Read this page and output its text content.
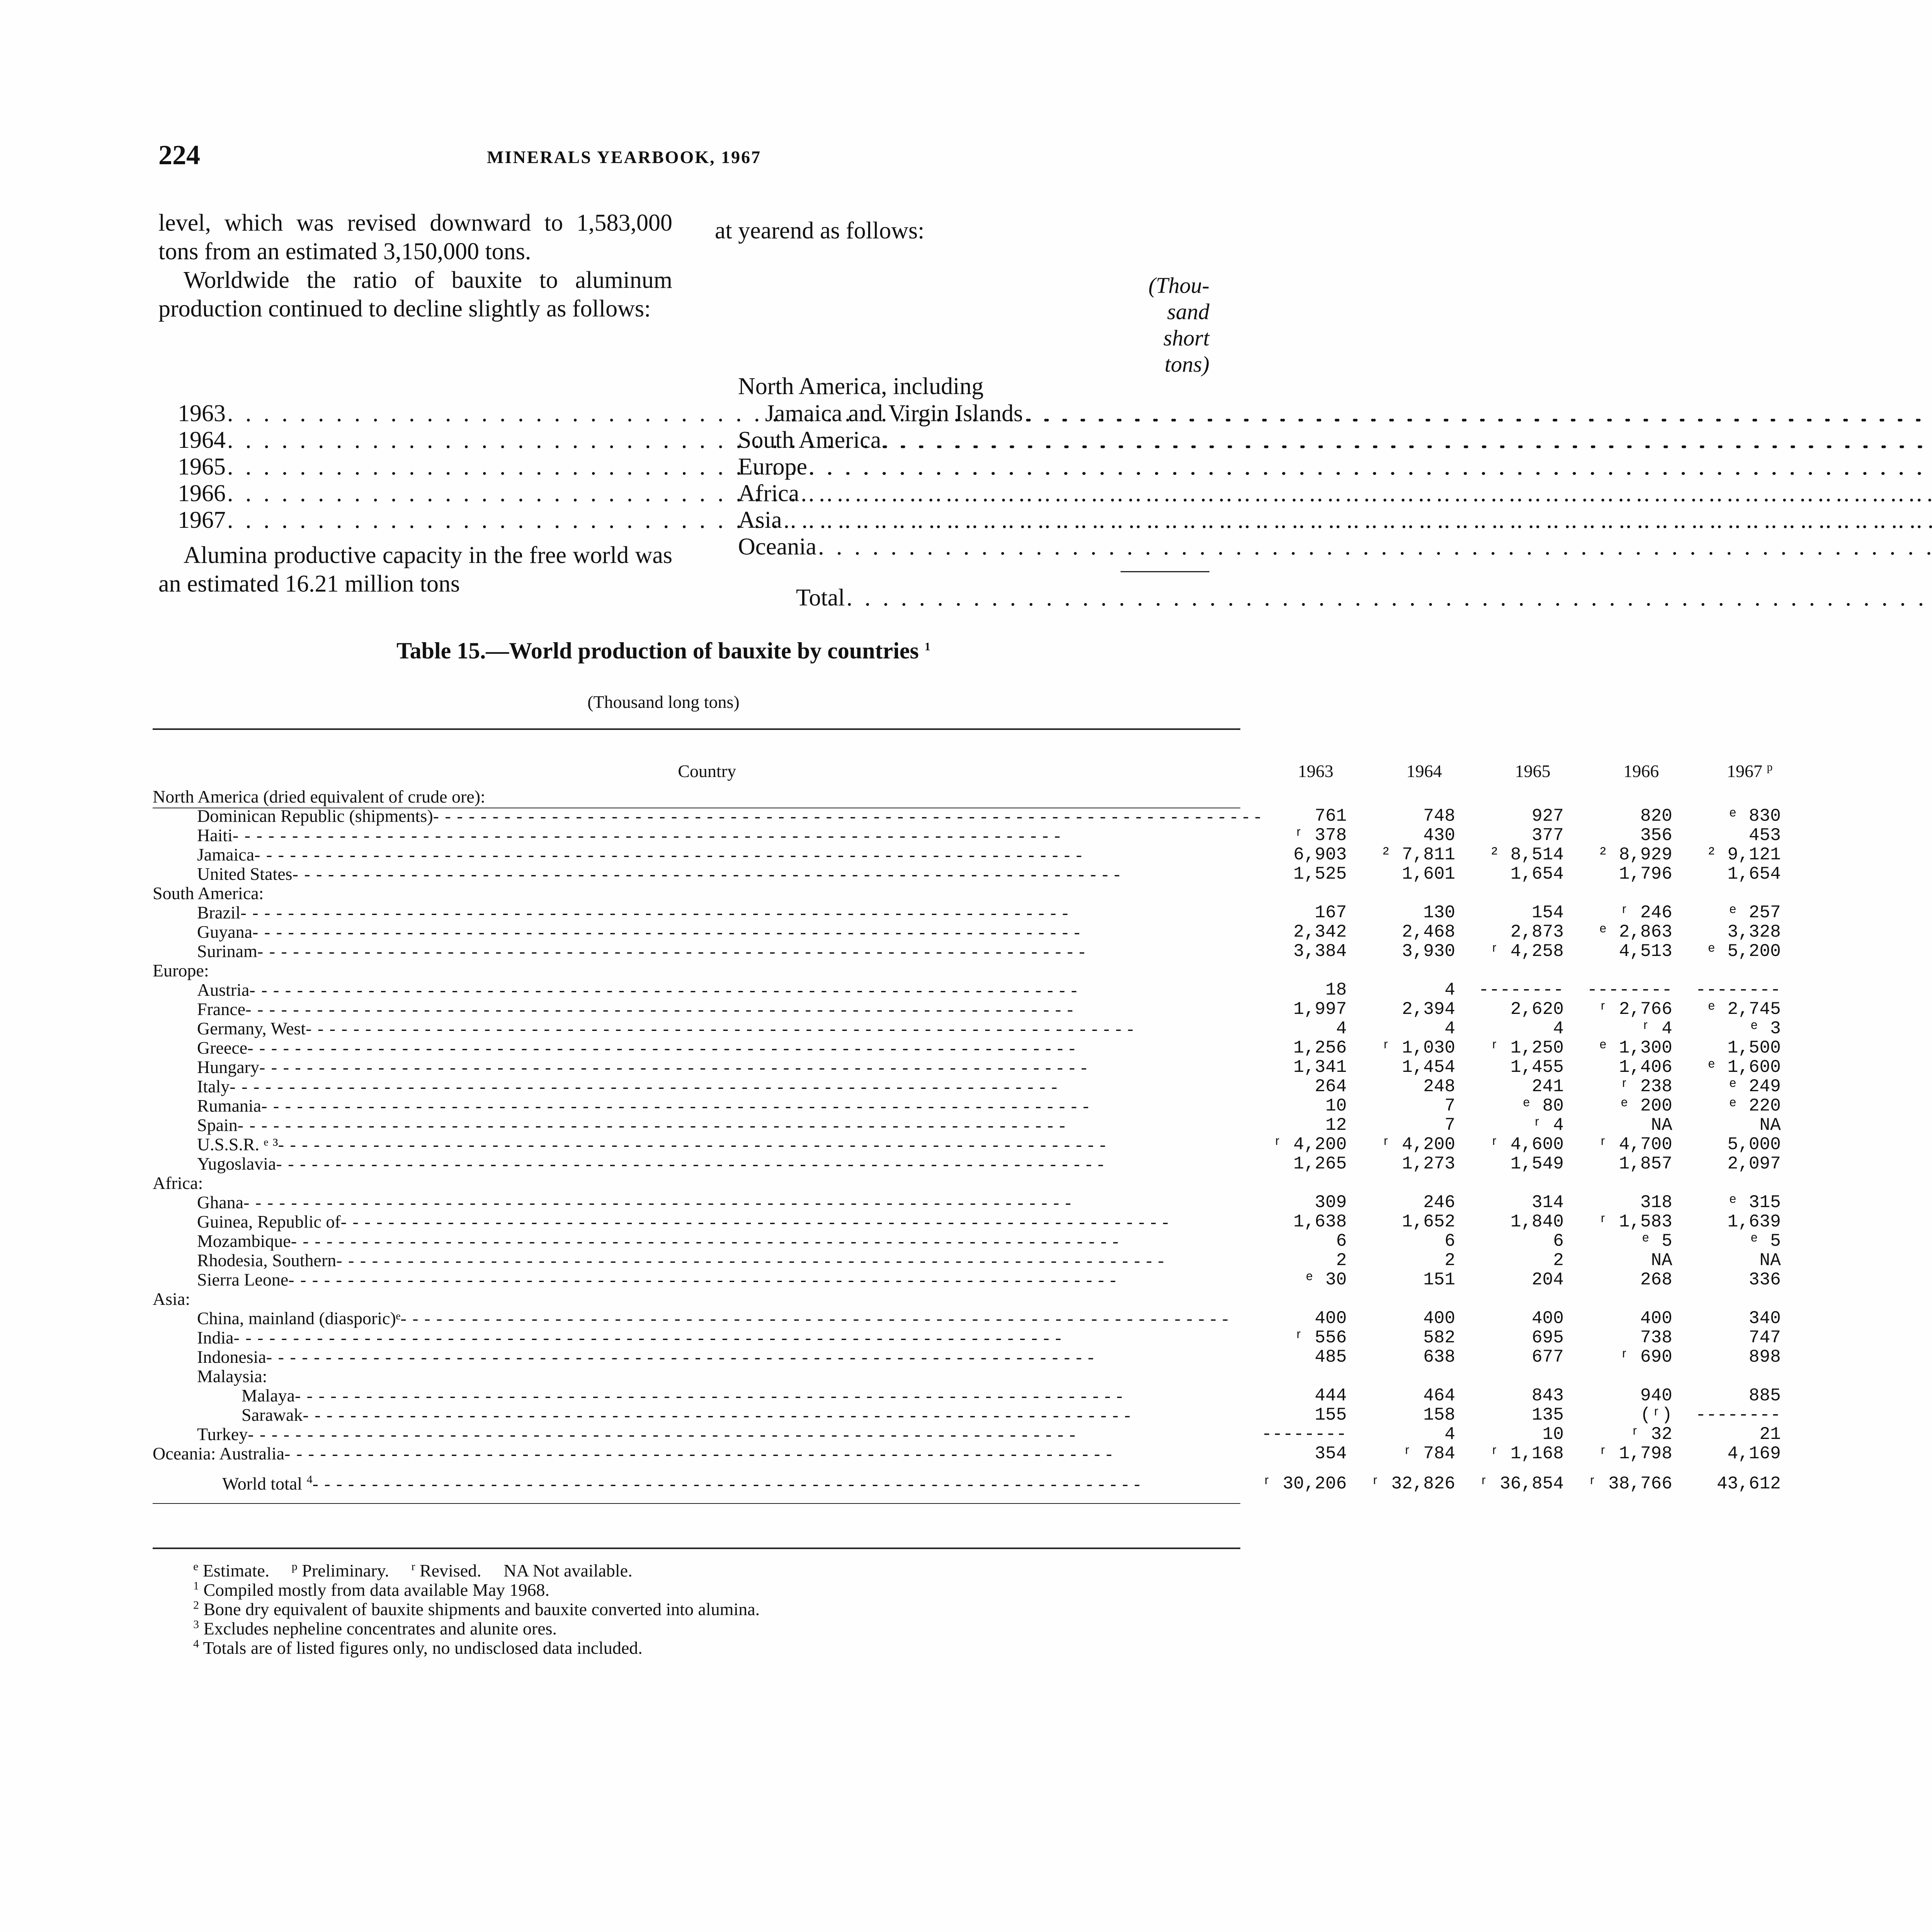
224	MINERALS YEARBOOK, 1967

level, which was revised downward to 1,583,000 tons from an estimated 3,150,000 tons.

Worldwide the ratio of bauxite to aluminum production continued to decline slightly as follows:

1963
. . .
1964
. . .
1965
. . .
1966
. . .
1967
. . .

Alumina productive capacity in the free world was an estimated 16.21 million tons

at yearend as follows:
(Thou-
sand
short
tons)
North America, including
Jamaica and Virgin Islands
. . .
South America
. . .
Europe
. . .
Africa
. . .
Asia
. . .
Oceania
. . .
Total
. . .
Table 15.—World production of bauxite by countries $^1$
(Thousand long tons)
Country	1963	1964	1965	1966	1967 $^p$
North America (dried equivalent of crude ore):					

Dominican Republic (shipments)
- - -	761	748	927	820	ᵉ 830

Haiti
- - -	ʳ 378	430	377	356	453

Jamaica
- - -	6,903	² 7,811	² 8,514	² 8,929	² 9,121

United States
- - -	1,525	1,601	1,654	1,796	1,654
South America:					

Brazil
- - -	167	130	154	ʳ 246	ᵉ 257

Guyana
- - -	2,342	2,468	2,873	ᵉ 2,863	3,328

Surinam
- - -	3,384	3,930	ʳ 4,258	4,513	ᵉ 5,200
Europe:					

Austria
- - -	18	4	--------	--------	--------

France
- - -	1,997	2,394	2,620	ʳ 2,766	ᵉ 2,745

Germany, West
- - -	4	4	4	ʳ 4	ᵉ 3

Greece
- - -	1,256	ʳ 1,030	ʳ 1,250	ᵉ 1,300	1,500

Hungary
- - -	1,341	1,454	1,455	1,406	ᵉ 1,600

Italy
- - -	264	248	241	ʳ 238	ᵉ 249

Rumania
- - -	10	7	ᵉ 80	ᵉ 200	ᵉ 220

Spain
- - -	12	7	ʳ 4	NA	NA

U.S.S.R. ᵉ ³
- - -	ʳ 4,200	ʳ 4,200	ʳ 4,600	ʳ 4,700	5,000

Yugoslavia
- - -	1,265	1,273	1,549	1,857	2,097
Africa:					

Ghana
- - -	309	246	314	318	ᵉ 315

Guinea, Republic of
- - -	1,638	1,652	1,840	ʳ 1,583	1,639

Mozambique
- - -	6	6	6	ᵉ 5	ᵉ 5

Rhodesia, Southern
- - -	2	2	2	NA	NA

Sierra Leone
- - -	ᵉ 30	151	204	268	336
Asia:					

China, mainland (diasporic)ᵉ
- - -	400	400	400	400	340

India
- - -	ʳ 556	582	695	738	747

Indonesia
- - -	485	638	677	ʳ 690	898
Malaysia:					

Malaya
- - -	444	464	843	940	885

Sarawak
- - -	155	158	135	(ʳ)	--------

Turkey
- - -	--------	4	10	ʳ 32	21

Oceania: Australia
- - -	354	ʳ 784	ʳ 1,168	ʳ 1,798	4,169

World total $^4$
- - -	ʳ 30,206	ʳ 32,826	ʳ 36,854	ʳ 38,766	43,612
$^e$ Estimate. $^p$ Preliminary. $^r$ Revised. NA Not available.
$^1$ Compiled mostly from data available May 1968.
$^2$ Bone dry equivalent of bauxite shipments and bauxite converted into alumina.
$^3$ Excludes nepheline concentrates and alunite ores.
$^4$ Totals are of listed figures only, no undisclosed data included.
